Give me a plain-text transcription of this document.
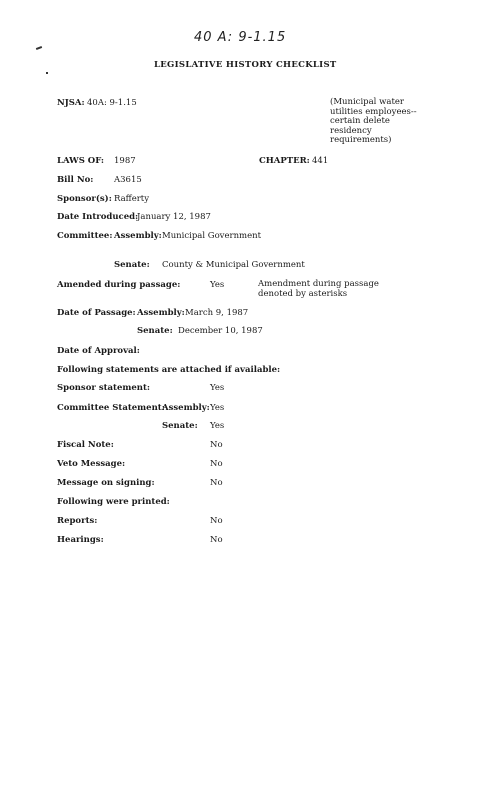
40 A: 9-1.15
LEGISLATIVE HISTORY CHECKLIST
NJSA: 40A: 9-1.15	(Municipal water utilities employees--certain delete residency requirements)
LAWS OF: 1987	CHAPTER: 441
Bill No: A3615
Sponsor(s): Rafferty
Date Introduced:
January 12, 1987
Committee: Assembly: Municipal Government
Senate: County & Municipal Government
Amended during passage:	Yes	Amendment during passage denoted by asterisks
Date of Passage: Assembly: March 9, 1987
Senate: December 10, 1987
Date of Approval:
Following statements are attached if available:
Sponsor statement:	Yes
Committee Statement:
Assembly: Yes
Senate: Yes
Fiscal Note:	No
Veto Message:	No
Message on signing:	No
Following were printed:
Reports:	No
Hearings:	No
